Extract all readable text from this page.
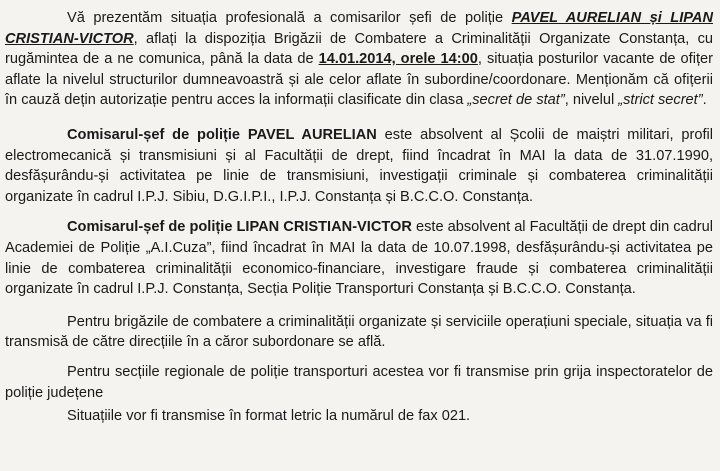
Vă prezentăm situația profesională a comisarilor șefi de poliție PAVEL AURELIAN și LIPAN CRISTIAN-VICTOR, aflați la dispoziția Brigăzii de Combatere a Criminalității Organizate Constanța, cu rugămintea de a ne comunica, până la data de 14.01.2014, orele 14:00, situația posturilor vacante de ofițer aflate la nivelul structurilor dumneavoastră și ale celor aflate în subordine/coordonare. Menționăm că ofițerii în cauză dețin autorizație pentru acces la informații clasificate din clasa „secret de stat”, nivelul „strict secret”.

Comisarul-șef de poliție PAVEL AURELIAN este absolvent al Școlii de maiștri militari, profil electromecanică și transmisiuni și al Facultății de drept, fiind încadrat în MAI la data de 31.07.1990, desfășurându-și activitatea pe linie de transmisiuni, investigații criminale și combaterea criminalității organizate în cadrul I.P.J. Sibiu, D.G.I.P.I., I.P.J. Constanța și B.C.C.O. Constanța.

Comisarul-șef de poliție LIPAN CRISTIAN-VICTOR este absolvent al Facultății de drept din cadrul Academiei de Poliție „A.I.Cuza”, fiind încadrat în MAI la data de 10.07.1998, desfășurându-și activitatea pe linie de combaterea criminalității economico-financiare, investigare fraude și combaterea criminalității organizate în cadrul I.P.J. Constanța, Secția Poliție Transporturi Constanța și B.C.C.O. Constanța.

Pentru brigăzile de combatere a criminalității organizate și serviciile operațiuni speciale, situația va fi transmisă de către direcțiile în a căror subordonare se află.

Pentru secțiile regionale de poliție transporturi acestea vor fi transmise prin grija inspectoratelor de poliție județene

Situațiile vor fi transmise în format letric la numărul de fax 021.
